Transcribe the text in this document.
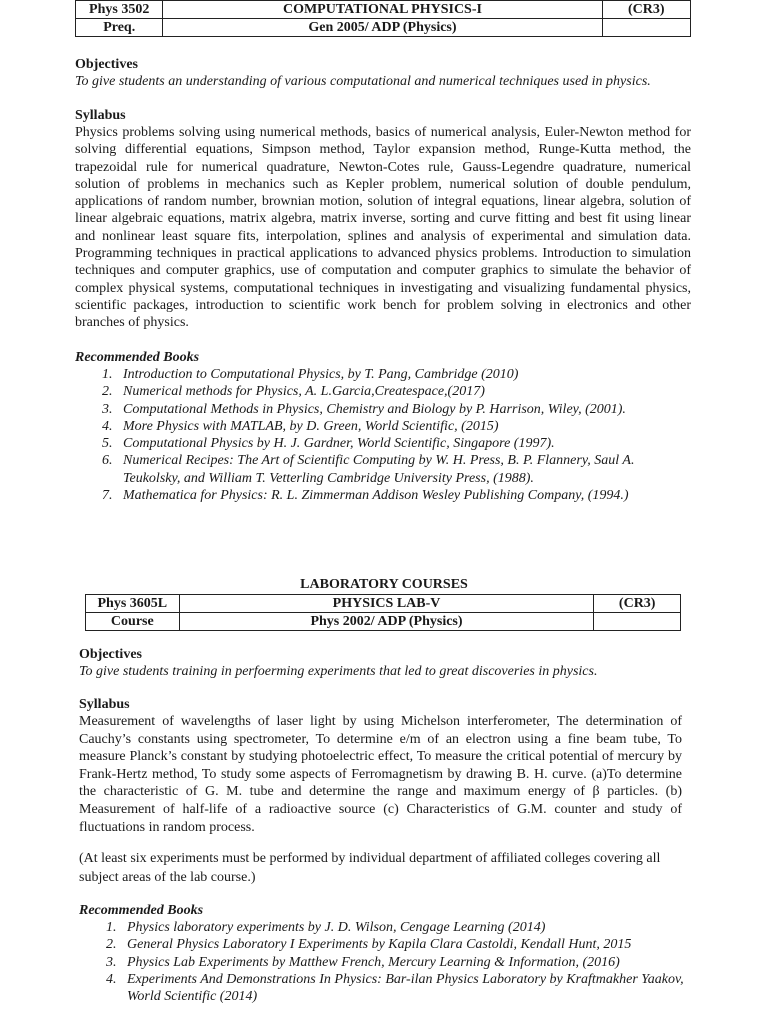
Phys 3502	COMPUTATIONAL PHYSICS-I	(CR3)
Preq.	Gen 2005/ ADP (Physics)	
Objectives
To give students an understanding of various computational and numerical techniques used in physics.
Syllabus
Physics problems solving using numerical methods, basics of numerical analysis, Euler-Newton method for solving differential equations, Simpson method, Taylor expansion method, Runge-Kutta method, the trapezoidal rule for numerical quadrature, Newton-Cotes rule, Gauss-Legendre quadrature, numerical solution of problems in mechanics such as Kepler problem, numerical solution of double pendulum, applications of random number, brownian motion, solution of integral equations, linear algebra, solution of linear algebraic equations, matrix algebra, matrix inverse, sorting and curve fitting and best fit using linear and nonlinear least square fits, interpolation, splines and analysis of experimental and simulation data. Programming techniques in practical applications to advanced physics problems. Introduction to simulation techniques and computer graphics, use of computation and computer graphics to simulate the behavior of complex physical systems, computational techniques in investigating and visualizing fundamental physics, scientific packages, introduction to scientific work bench for problem solving in electronics and other branches of physics.
Recommended Books
1. Introduction to Computational Physics, by T. Pang, Cambridge (2010)
2. Numerical methods for Physics, A. L.Garcia,Createspace,(2017)
3. Computational Methods in Physics, Chemistry and Biology by P. Harrison, Wiley, (2001).
4. More Physics with MATLAB, by D. Green, World Scientific, (2015)
5. Computational Physics by H. J. Gardner, World Scientific, Singapore (1997).
6. Numerical Recipes: The Art of Scientific Computing by W. H. Press, B. P. Flannery, Saul A. Teukolsky, and William T. Vetterling Cambridge University Press, (1988).
7. Mathematica for Physics: R. L. Zimmerman Addison Wesley Publishing Company, (1994.)
LABORATORY COURSES
Phys 3605L	PHYSICS LAB-V	(CR3)
Course	Phys 2002/ ADP (Physics)	
Objectives
To give students training in perfoerming experiments that led to great discoveries in physics.
Syllabus
Measurement of wavelengths of laser light by using Michelson interferometer, The determination of Cauchy’s constants using spectrometer, To determine e/m of an electron using a fine beam tube, To measure Planck’s constant by studying photoelectric effect, To measure the critical potential of mercury by Frank-Hertz method, To study some aspects of Ferromagnetism by drawing B. H. curve. (a)To determine the characteristic of G. M. tube and determine the range and maximum energy of β particles. (b) Measurement of half-life of a radioactive source (c) Characteristics of G.M. counter and study of fluctuations in random process.
(At least six experiments must be performed by individual department of affiliated colleges covering all subject areas of the lab course.)
Recommended Books
1. Physics laboratory experiments by J. D. Wilson, Cengage Learning (2014)
2. General Physics Laboratory I Experiments by Kapila Clara Castoldi, Kendall Hunt, 2015
3. Physics Lab Experiments by Matthew French, Mercury Learning & Information, (2016)
4. Experiments And Demonstrations In Physics: Bar-ilan Physics Laboratory by Kraftmakher Yaakov, World Scientific (2014)
